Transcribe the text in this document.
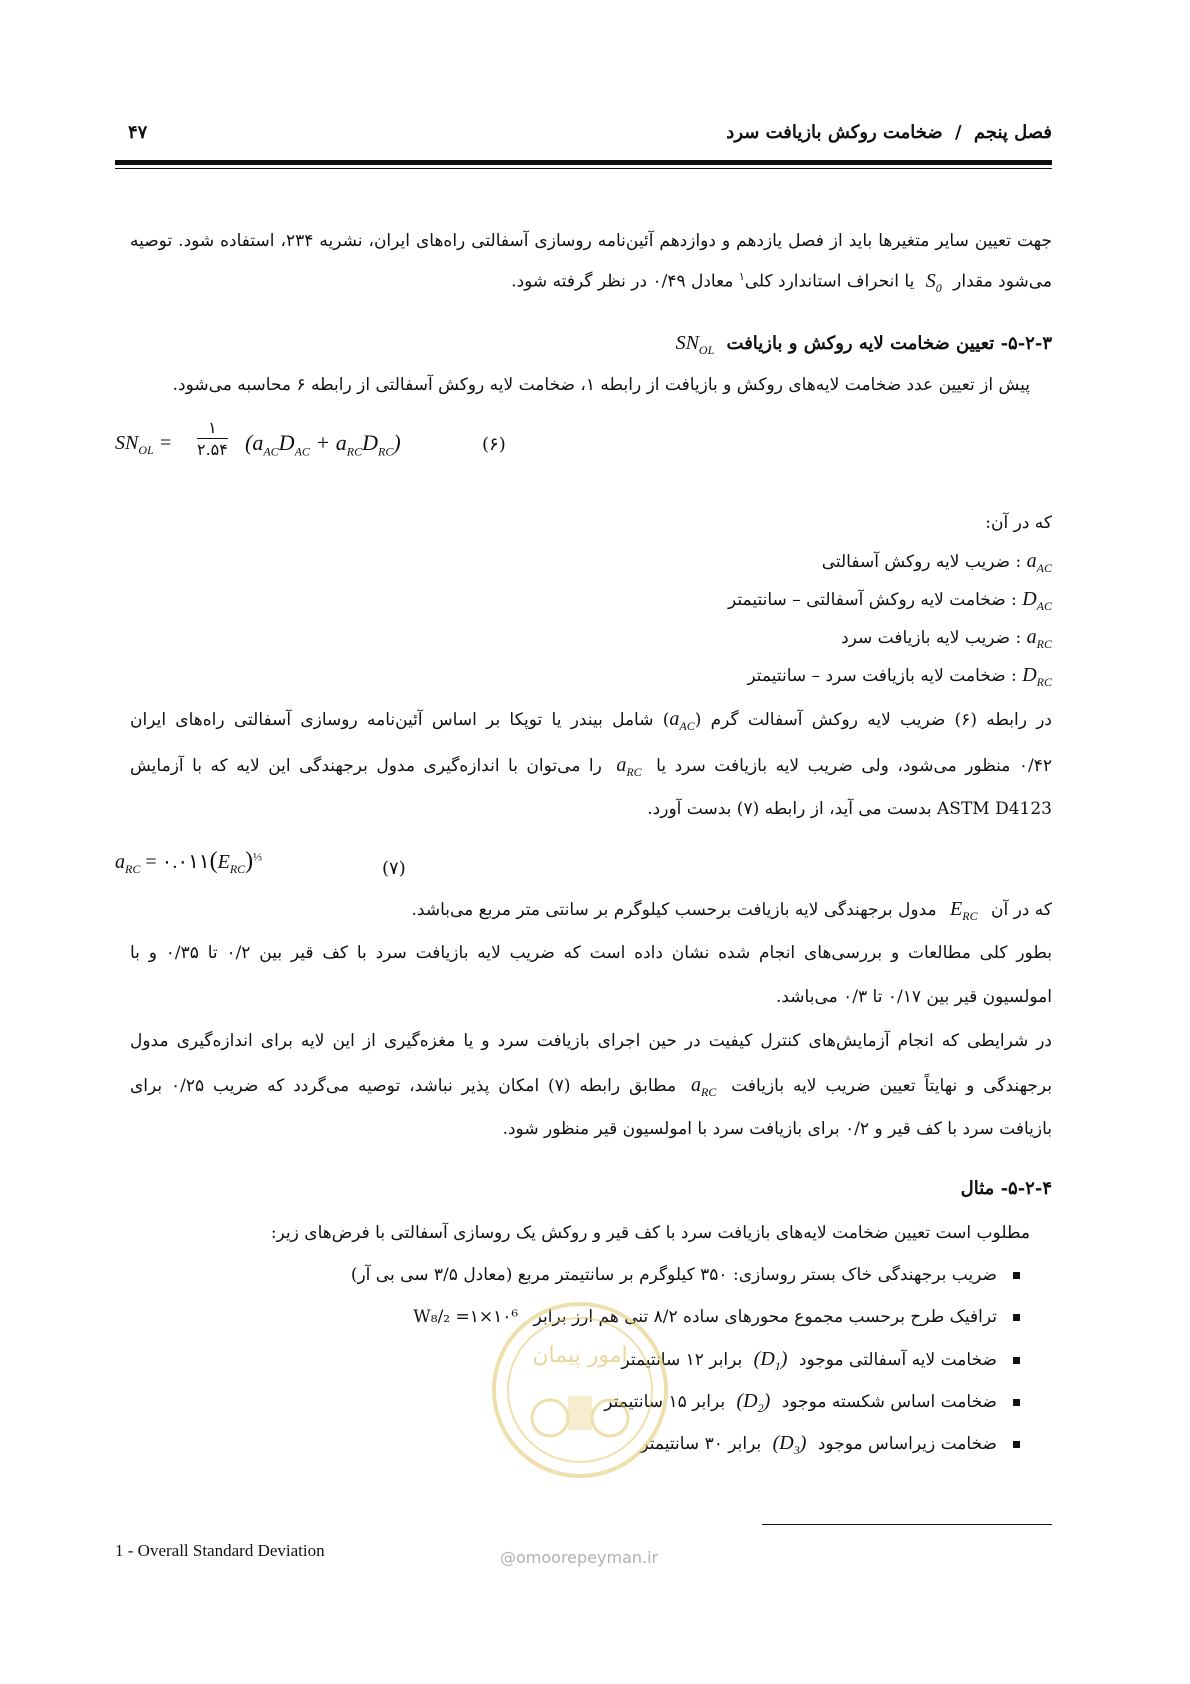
فصل پنجم / ضخامت روکش بازیافت سرد
۴۷
جهت تعیین سایر متغیرها باید از فصل یازدهم و دوازدهم آئین‌نامه روسازی آسفالتی راه‌های ایران، نشریه ۲۳۴، استفاده شود. توصیه
می‌شود مقدار $S_0$ یا انحراف استاندارد کلی$^۱$ معادل ۰/۴۹ در نظر گرفته شود.
۵-۲-۳- تعیین ضخامت لایه روکش و بازیافت $SN_{OL}$
پیش از تعیین عدد ضخامت لایه‌های روکش و بازیافت از رابطه ۱، ضخامت لایه روکش آسفالتی از رابطه ۶ محاسبه می‌شود.
$SN_{OL}$ =
۱
۲.۵۴ $(a_{AC}D_{AC} + a_{RC}D_{RC})$	(۶)
که در آن:
$a_{AC}$ : ضریب لایه روکش آسفالتی
$D_{AC}$ : ضخامت لایه روکش آسفالتی – سانتیمتر
$a_{RC}$ : ضریب لایه بازیافت سرد
$D_{RC}$ : ضخامت لایه بازیافت سرد – سانتیمتر
در رابطه (۶) ضریب لایه روکش آسفالت گرم $(a_{AC})$ شامل بیندر یا توپکا بر اساس آئین‌نامه روسازی آسفالتی راه‌های ایران
۰/۴۲ منظور می‌شود، ولی ضریب لایه بازیافت سرد یا $a_{RC}$ را می‌توان با اندازه‌گیری مدول برجهندگی این لایه که با آزمایش
ASTM D4123 بدست می آید، از رابطه (۷) بدست آورد.
$a_{RC}$ = $۰.۰۱۱(E_{RC})^{\frac{1}{3}}$
(۷)
که در آن $E_{RC}$ مدول برجهندگی لایه بازیافت برحسب کیلوگرم بر سانتی متر مربع می‌باشد.
بطور کلی مطالعات و بررسی‌های انجام شده نشان داده است که ضریب لایه بازیافت سرد با کف قیر بین ۰/۲ تا ۰/۳۵ و با
امولسیون قیر بین ۰/۱۷ تا ۰/۳ می‌باشد.
در شرایطی که انجام آزمایش‌های کنترل کیفیت در حین اجرای بازیافت سرد و یا مغزه‌گیری از این لایه برای اندازه‌گیری مدول
برجهندگی و نهایتاً تعیین ضریب لایه بازیافت $a_{RC}$ مطابق رابطه (۷) امکان پذیر نباشد، توصیه می‌گردد که ضریب ۰/۲۵ برای
بازیافت سرد با کف قیر و ۰/۲ برای بازیافت سرد با امولسیون قیر منظور شود.
۵-۲-۴- مثال
مطلوب است تعیین ضخامت لایه‌های بازیافت سرد با کف قیر و روکش یک روسازی آسفالتی با فرض‌های زیر:
ضریب برجهندگی خاک بستر روسازی: ۳۵۰ کیلوگرم بر سانتیمتر مربع (معادل ۳/۵ سی بی آر)
ترافیک طرح برحسب مجموع محورهای ساده ۸/۲ تنی هم ارز برابر W₈/₂ =۱×۱۰⁶
ضخامت لایه آسفالتی موجود $(D_1)$ برابر ۱۲ سانتیمتر
ضخامت اساس شکسته موجود $(D_2)$ برابر ۱۵ سانتیمتر
ضخامت زیراساس موجود $(D_3)$ برابر ۳۰ سانتیمتر
امور پیمان
@omoorepeyman.ir
1 - Overall Standard Deviation
